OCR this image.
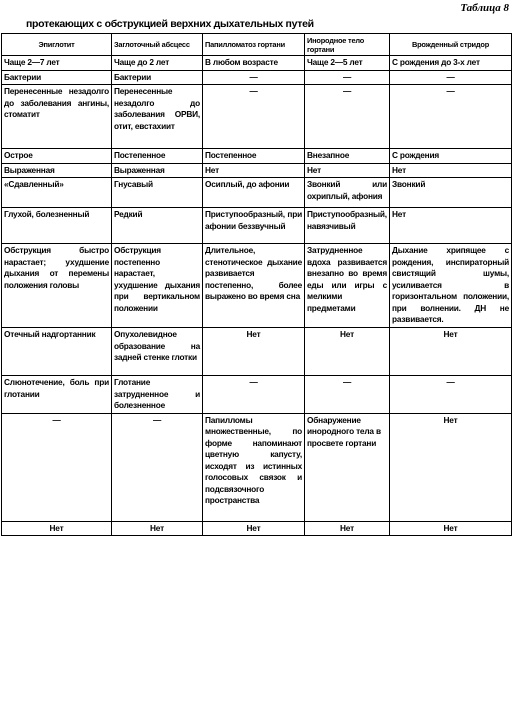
Таблица 8
протекающих с обструкцией верхних дыхательных путей
Эпиглотит	Заглоточный абсцесс	Папилломатоз гортани	Инородное тело гортани	Врожденный стридор
Чаще 2—7 лет	Чаще до 2 лет	В любом возрасте	Чаще 2—5 лет	С рождения до 3-х лет
Бактерии	Бактерии	—	—	—
Перенесенные незадолго до заболевания ангины, стоматит	Перенесенные незадолго до заболевания ОРВИ, отит, евстахиит	—	—	—
Острое	Постепенное	Постепенное	Внезапное	С рождения
Выраженная	Выраженная	Нет	Нет	Нет
«Сдавленный»	Гнусавый	Осиплый, до афонии	Звонкий или охриплый, афония	Звонкий
Глухой, болезненный	Редкий	Приступообразный, при афонии беззвучный	Приступообразный, навязчивый	Нет
Обструкция быстро нарастает; ухудшение дыхания от перемены положения головы	Обструкция постепенно нарастает, ухудшение дыхания при вертикальном положении	Длительное, стенотическое дыхание развивается постепенно, более выражено во время сна	Затрудненное вдоха развивается внезапно во время еды или игры с мелкими предметами	Дыхание хрипящее с рождения, инспираторный свистящий шумы, усиливается в горизонтальном положении, при волнении. ДН не развивается.
Отечный надгортанник	Опухолевидное образование на задней стенке глотки	Нет	Нет	Нет
Слюнотечение, боль при глотании	Глотание затрудненное и болезненное	—	—	—
—	—	Папилломы множественные, по форме напоминают цветную капусту, исходят из истинных голосовых связок и подсвязочного пространства	Обнаружение инородного тела в просвете гортани	Нет
Нет	Нет	Нет	Нет	Нет
